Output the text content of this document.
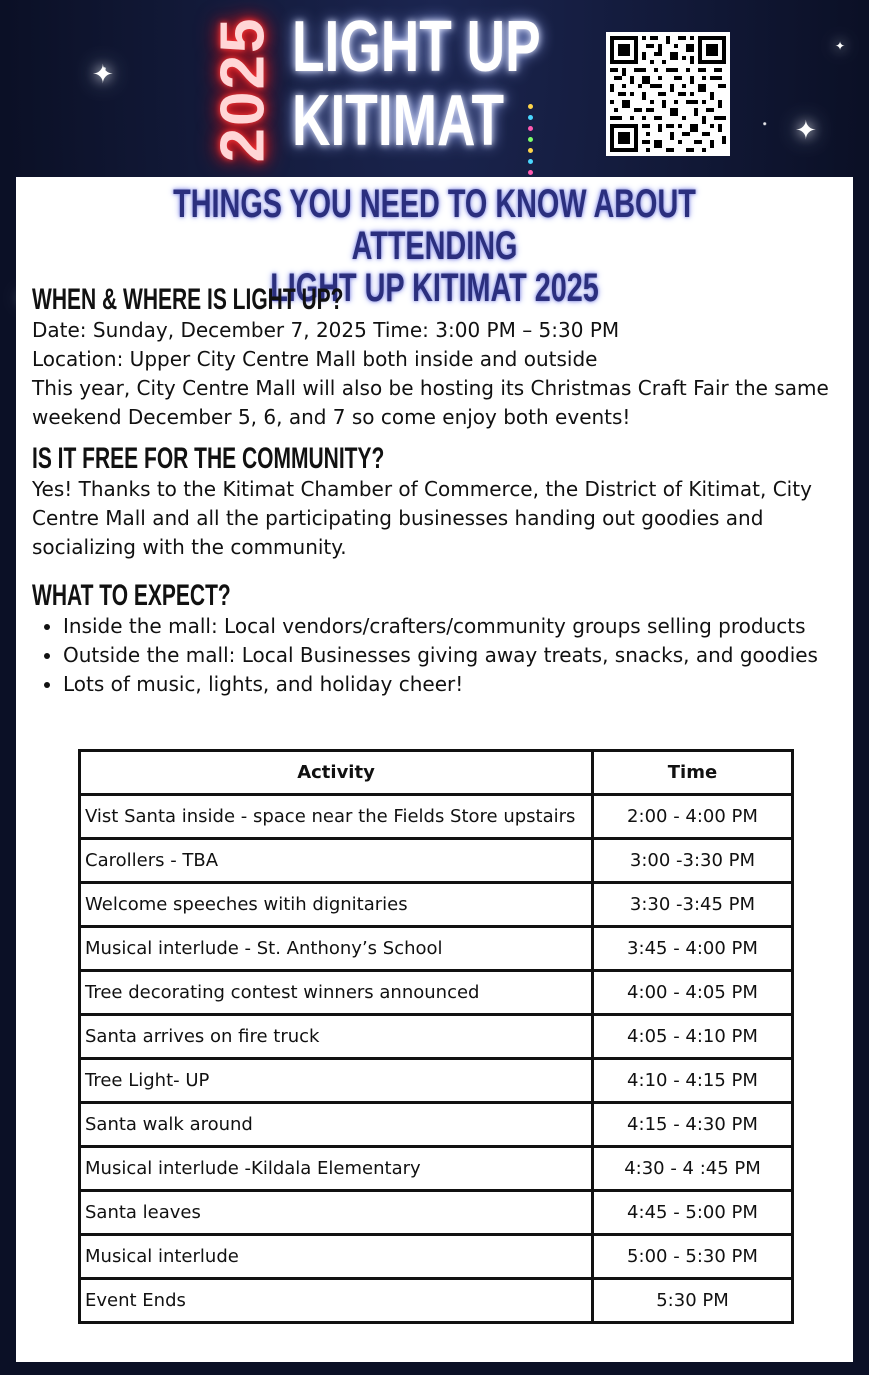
✦
✦
✦
2025 LIGHT UP
KITIMAT
THINGS YOU NEED TO KNOW ABOUT ATTENDING
LIGHT UP KITIMAT 2025
WHEN & WHERE IS LIGHT UP?
Date: Sunday, December 7, 2025 Time: 3:00 PM – 5:30 PM
Location: Upper City Centre Mall both inside and outside
This year, City Centre Mall will also be hosting its Christmas Craft Fair the same weekend December 5, 6, and 7 so come enjoy both events!
IS IT FREE FOR THE COMMUNITY?
Yes! Thanks to the Kitimat Chamber of Commerce, the District of Kitimat, City Centre Mall and all the participating businesses handing out goodies and socializing with the community.
WHAT TO EXPECT?
• Inside the mall: Local vendors/crafters/community groups selling products
• Outside the mall: Local Businesses giving away treats, snacks, and goodies
• Lots of music, lights, and holiday cheer!
Activity	Time
Vist Santa inside - space near the Fields Store upstairs	2:00 - 4:00 PM
Carollers - TBA	3:00 -3:30 PM
Welcome speeches witih dignitaries	3:30 -3:45 PM
Musical interlude - St. Anthony’s School	3:45 - 4:00 PM
Tree decorating contest winners announced	4:00 - 4:05 PM
Santa arrives on fire truck	4:05 - 4:10 PM
Tree Light- UP	4:10 - 4:15 PM
Santa walk around	4:15 - 4:30 PM
Musical interlude -Kildala Elementary	4:30 - 4 :45 PM
Santa leaves	4:45 - 5:00 PM
Musical interlude	5:00 - 5:30 PM
Event Ends	5:30 PM
